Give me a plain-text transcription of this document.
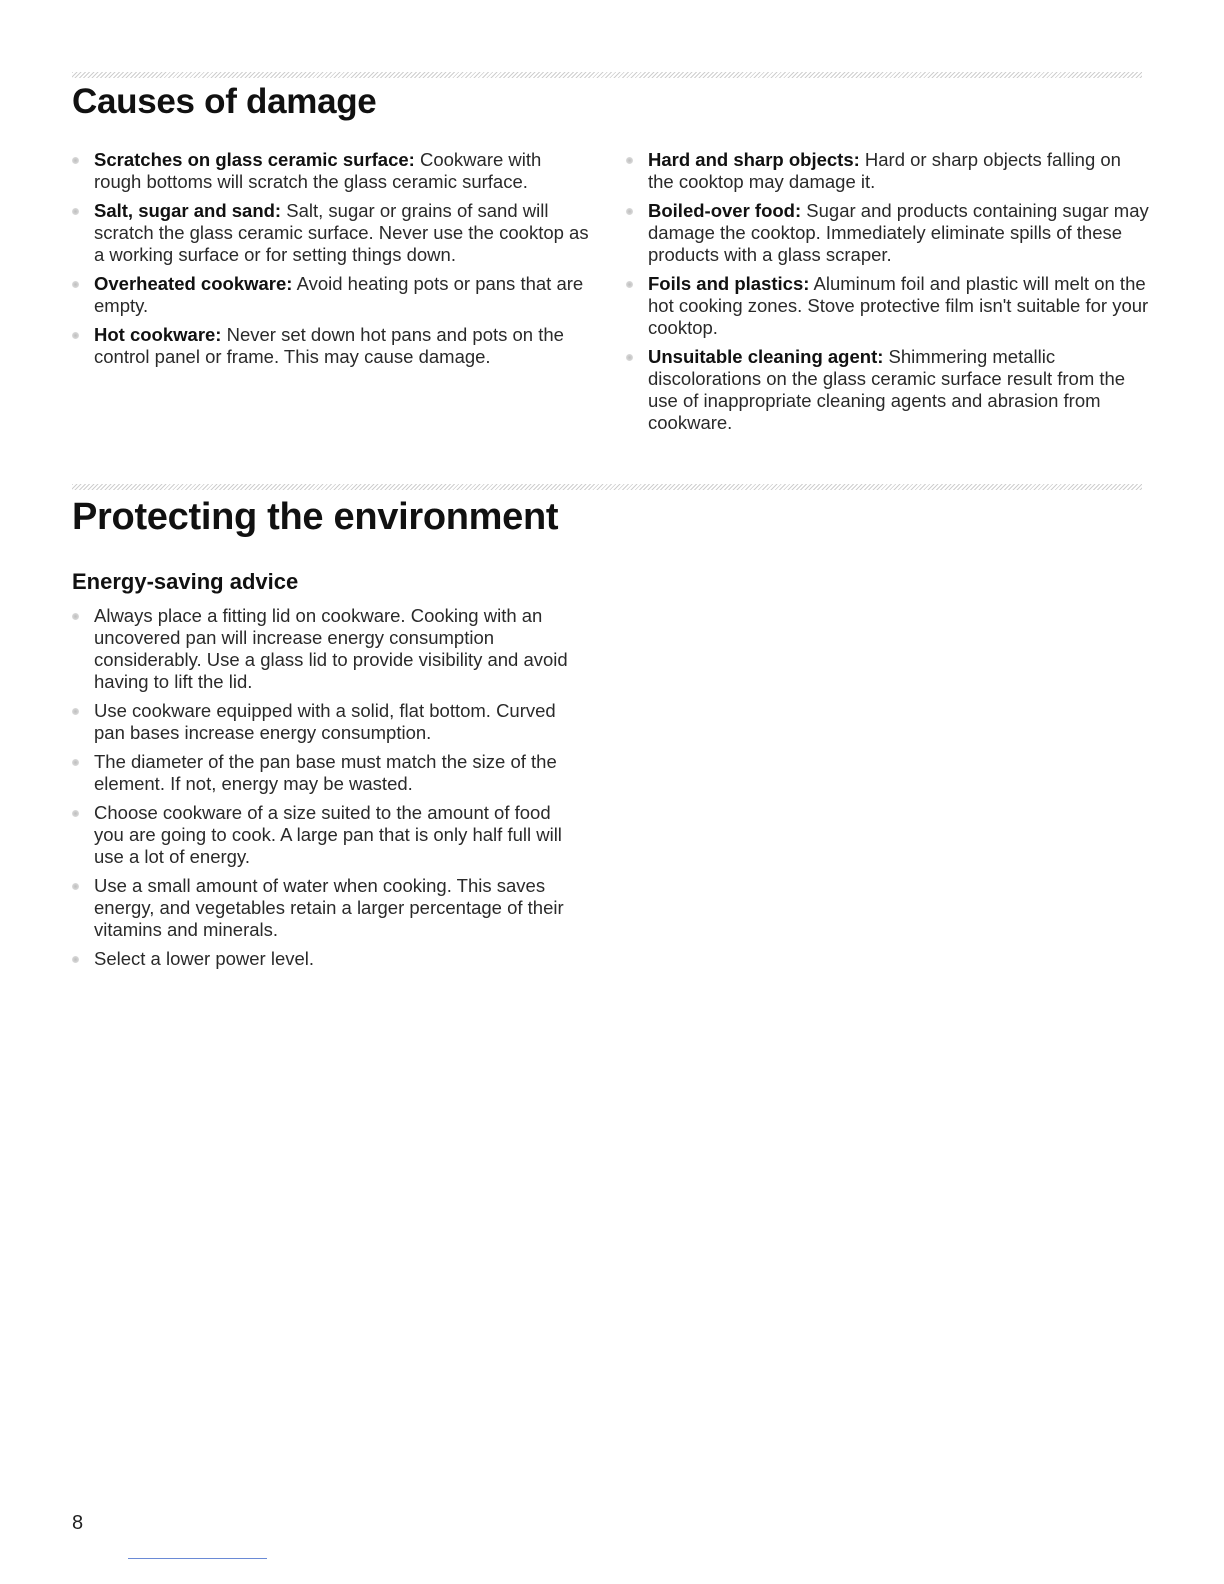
Causes of damage
Scratches on glass ceramic surface: Cookware with rough bottoms will scratch the glass ceramic surface.
Salt, sugar and sand: Salt, sugar or grains of sand will scratch the glass ceramic surface. Never use the cooktop as a working surface or for setting things down.
Overheated cookware: Avoid heating pots or pans that are empty.
Hot cookware: Never set down hot pans and pots on the control panel or frame. This may cause damage.
Hard and sharp objects: Hard or sharp objects falling on the cooktop may damage it.
Boiled-over food: Sugar and products containing sugar may damage the cooktop. Immediately eliminate spills of these products with a glass scraper.
Foils and plastics: Aluminum foil and plastic will melt on the hot cooking zones. Stove protective film isn't suitable for your cooktop.
Unsuitable cleaning agent: Shimmering metallic discolorations on the glass ceramic surface result from the use of inappropriate cleaning agents and abrasion from cookware.
Protecting the environment
Energy-saving advice
Always place a fitting lid on cookware. Cooking with an uncovered pan will increase energy consumption considerably. Use a glass lid to provide visibility and avoid having to lift the lid.
Use cookware equipped with a solid, flat bottom. Curved pan bases increase energy consumption.
The diameter of the pan base must match the size of the element. If not, energy may be wasted.
Choose cookware of a size suited to the amount of food you are going to cook. A large pan that is only half full will use a lot of energy.
Use a small amount of water when cooking. This saves energy, and vegetables retain a larger percentage of their vitamins and minerals.
Select a lower power level.
8
